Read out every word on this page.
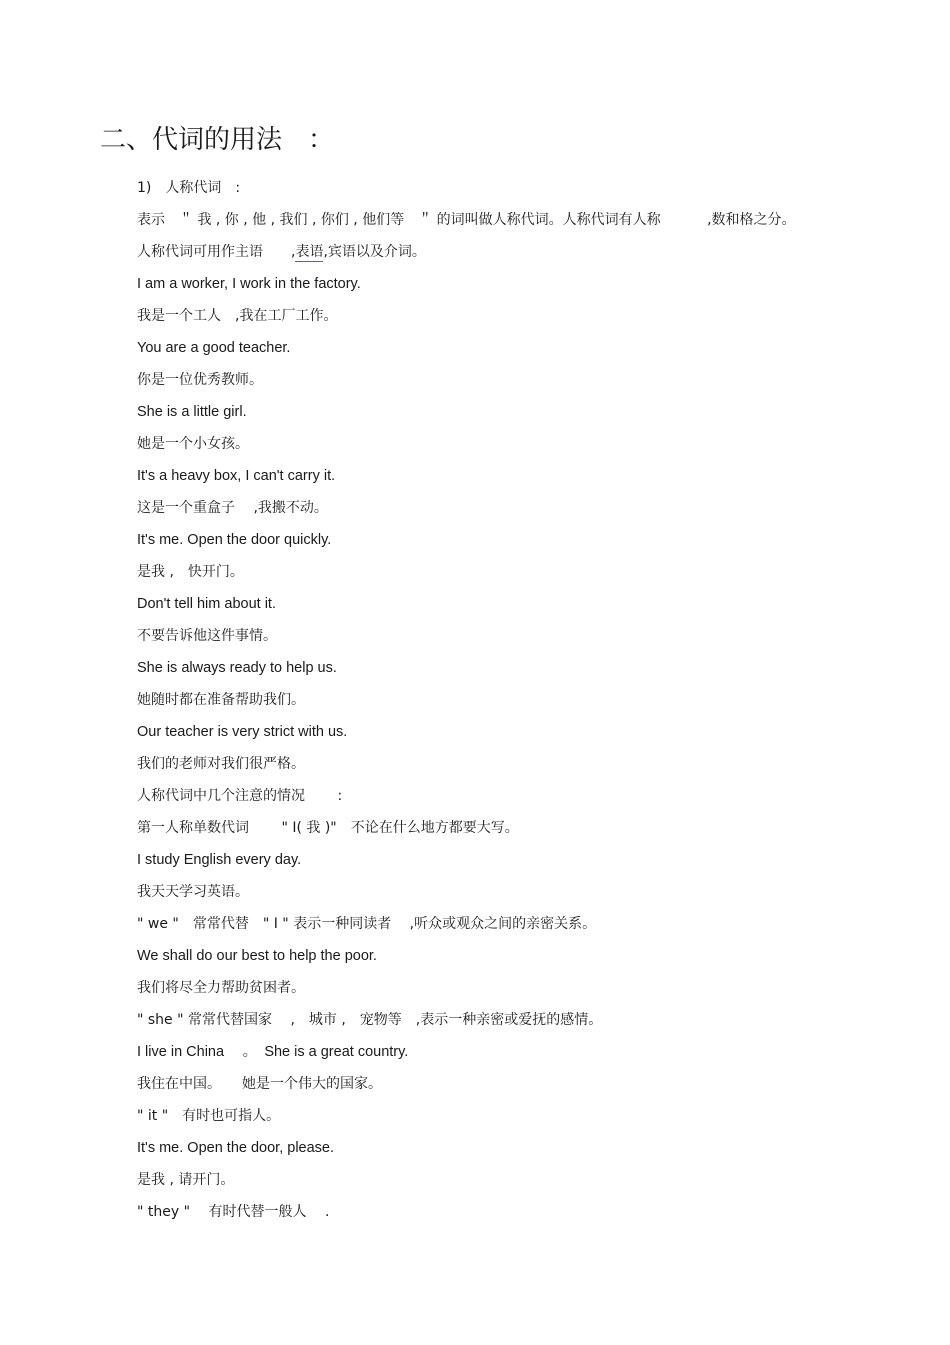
二、代词的用法　：
1)　人称代词　:
表示　＂ 我 , 你 , 他 , 我们 , 你们 , 他们等　＂ 的词叫做人称代词。人称代词有人称　　　 ,数和格之分。
人称代词可用作主语　　,表语,宾语以及介词。
I am a worker, I work in the factory.
我是一个工人　,我在工厂工作。
You are a good teacher.
你是一位优秀教师。
She is a little girl.
她是一个小女孩。
It's a heavy box, I can't carry it.
这是一个重盒子　 ,我搬不动。
It's me. Open the door quickly.
是我 ,　快开门。
Don't tell him about it.
不要告诉他这件事情。
She is always ready to help us.
她随时都在准备帮助我们。
Our teacher is very strict with us.
我们的老师对我们很严格。
人称代词中几个注意的情况　　 :
第一人称单数代词　　 " I( 我 )"　不论在什么地方都要大写。
I study English every day.
我天天学习英语。
" we "　常常代替　" I " 表示一种同读者　 ,听众或观众之间的亲密关系。
We shall do our best to help the poor.
我们将尽全力帮助贫困者。
" she " 常常代替国家　 ,　城市 ,　宠物等　,表示一种亲密或爱抚的感情。
I live in China　 。　She is a great country.
我住在中国。　　她是一个伟大的国家。
" it "　有时也可指人。
It's me. Open the door, please.
是我 , 请开门。
" they "　 有时代替一般人　 .
